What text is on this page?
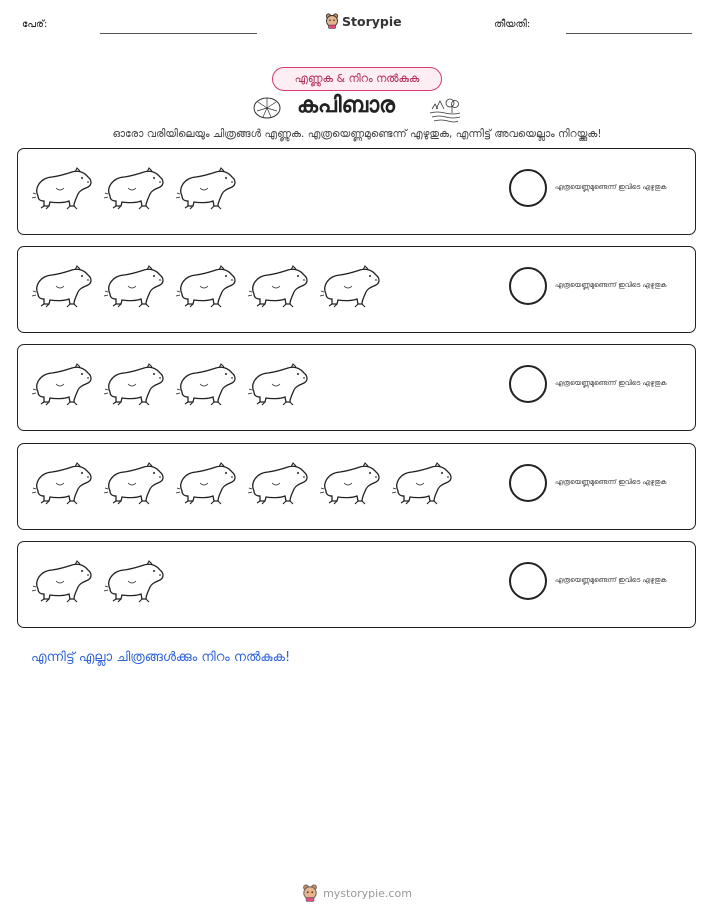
പേര്:	Storypie	തീയതി:
എണ്ണുക & നിറം നൽകുക
കപിബാര
ഓരോ വരിയിലെയും ചിത്രങ്ങൾ എണ്ണുക. എത്രയെണ്ണമുണ്ടെന്ന് എഴുതുക, എന്നിട്ട് അവയെല്ലാം നിറയ്ക്കുക!
എത്രയെണ്ണമുണ്ടെന്ന് ഇവിടെ എഴുതുക
എത്രയെണ്ണമുണ്ടെന്ന് ഇവിടെ എഴുതുക
എത്രയെണ്ണമുണ്ടെന്ന് ഇവിടെ എഴുതുക
എത്രയെണ്ണമുണ്ടെന്ന് ഇവിടെ എഴുതുക
എത്രയെണ്ണമുണ്ടെന്ന് ഇവിടെ എഴുതുക
എന്നിട്ട് എല്ലാ ചിത്രങ്ങൾക്കും നിറം നൽകുക!
mystorypie.com
